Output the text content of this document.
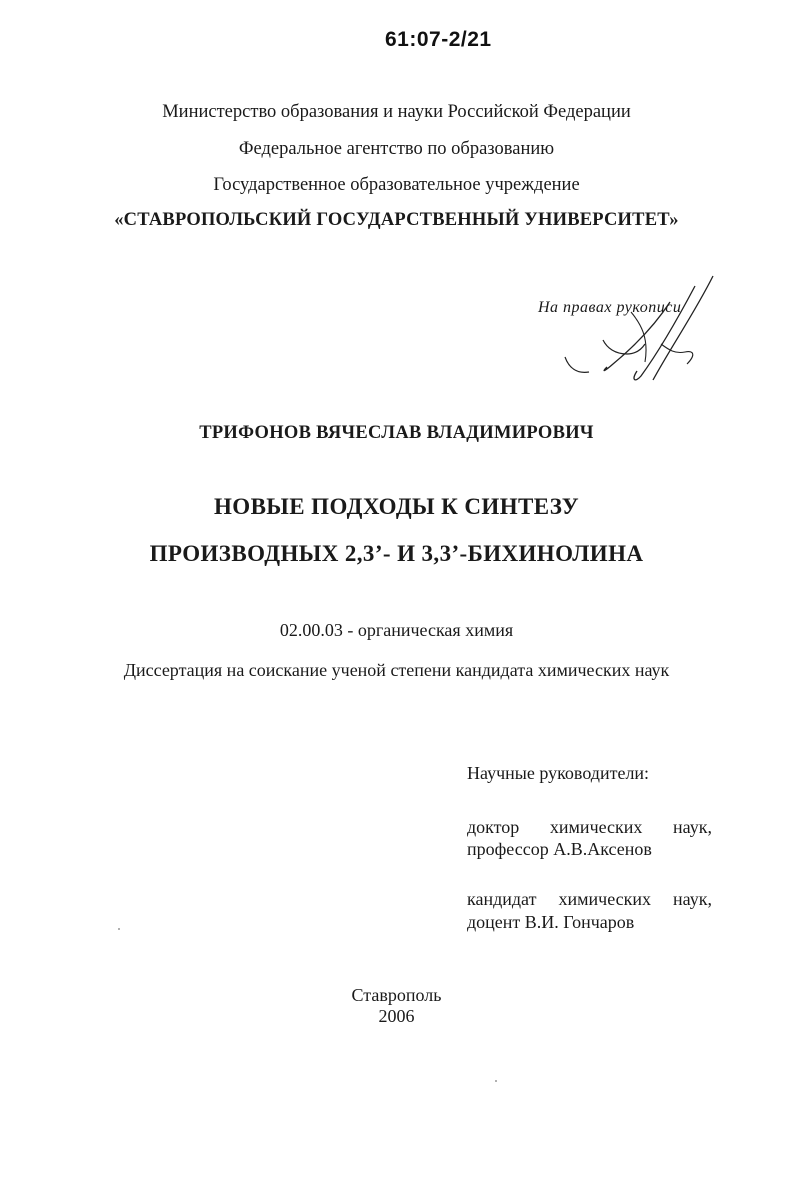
61:07-2/21
Министерство образования и науки Российской Федерации
Федеральное агентство по образованию
Государственное образовательное учреждение
«СТАВРОПОЛЬСКИЙ ГОСУДАРСТВЕННЫЙ УНИВЕРСИТЕТ»
На правах рукописи
ТРИФОНОВ ВЯЧЕСЛАВ ВЛАДИМИРОВИЧ
НОВЫЕ ПОДХОДЫ К СИНТЕЗУ
ПРОИЗВОДНЫХ 2,3’- И 3,3’-БИХИНОЛИНА
02.00.03 - органическая химия
Диссертация на соискание ученой степени кандидата химических наук
Научные руководители:
доктор химических наук,
профессор А.В.Аксенов
кандидат химических наук,
доцент В.И. Гончаров
Ставрополь
2006
